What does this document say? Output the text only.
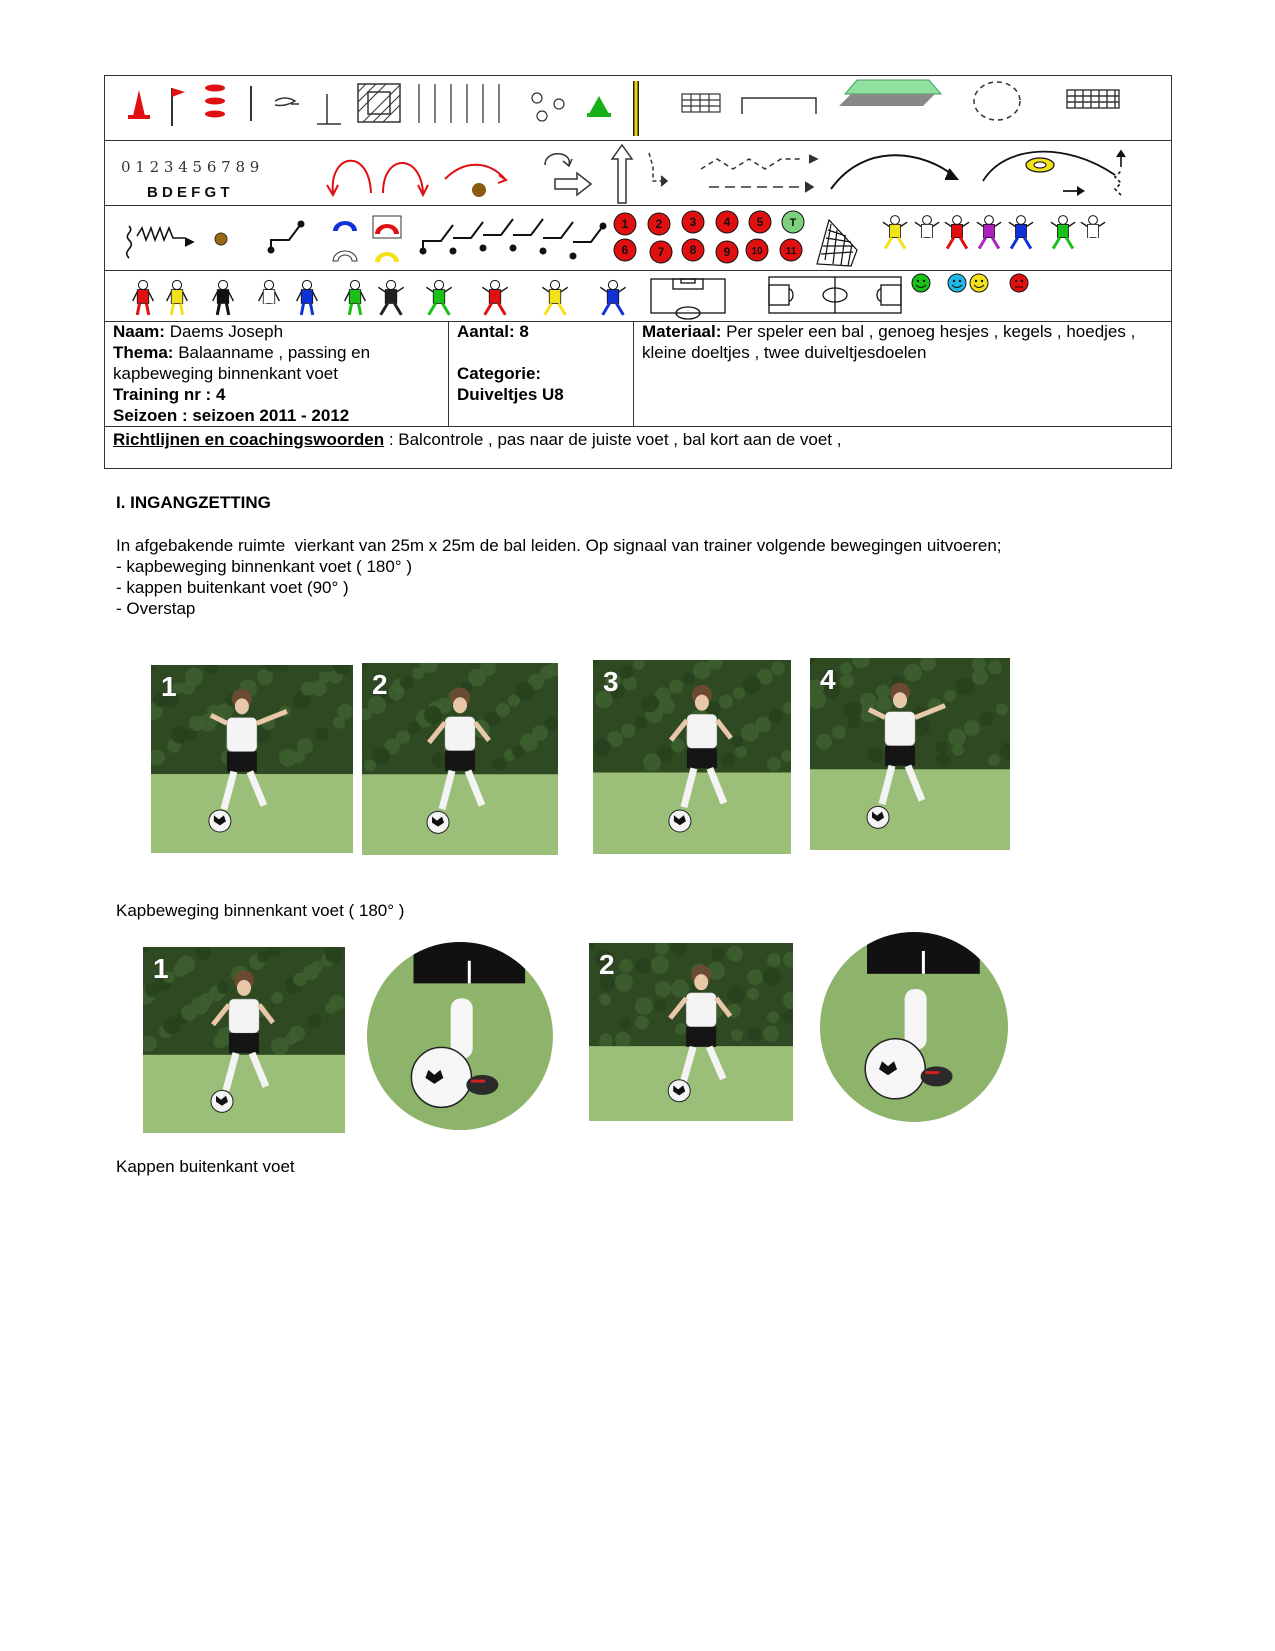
0 1 2 3 4 5 6 7 8 9
B D E F G T
1 2 3 4 5
6 7 8 9 10 11
T
Naam: Daems Joseph
Thema: Balaanname , passing en kapbeweging binnenkant voet
Training nr : 4
Seizoen : seizoen 2011 - 2012
Aantal: 8

Categorie:
Duiveltjes U8
Materiaal: Per speler een bal , genoeg hesjes , kegels , hoedjes , kleine doeltjes , twee duiveltjesdoelen
Richtlijnen en coachingswoorden : Balcontrole , pas naar de juiste voet , bal kort aan de voet ,
I. INGANGZETTING
In afgebakende ruimte  vierkant van 25m x 25m de bal leiden. Op signaal van trainer volgende bewegingen uitvoeren;
- kapbeweging binnenkant voet ( 180° )
- kappen buitenkant voet (90° )
- Overstap
1	2	3	4
Kapbeweging binnenkant voet ( 180° )
1	2
Kappen buitenkant voet
